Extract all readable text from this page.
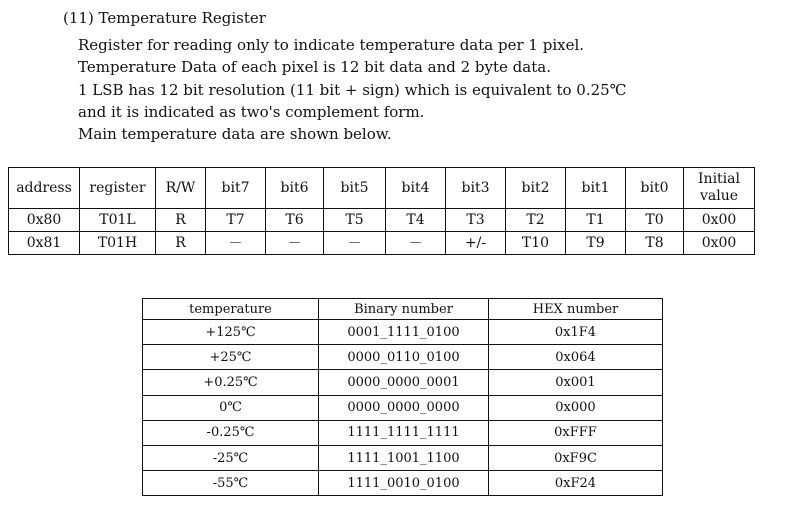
(11) Temperature Register
Register for reading only to indicate temperature data per 1 pixel.
Temperature Data of each pixel is 12 bit data and 2 byte data.
1 LSB has 12 bit resolution (11 bit + sign) which is equivalent to 0.25℃
and it is indicated as two's complement form.
Main temperature data are shown below.
address	register	R/W	bit7	bit6	bit5	bit4	bit3	bit2	bit1	bit0	Initial value
0x80	T01L	R	T7	T6	T5	T4	T3	T2	T1	T0	0x00
0x81	T01H	R	－	－	－	－	+/-	T10	T9	T8	0x00
temperature	Binary number	HEX number
+125℃	0001_1111_0100	0x1F4
+25℃	0000_0110_0100	0x064
+0.25℃	0000_0000_0001	0x001
0℃	0000_0000_0000	0x000
-0.25℃	1111_1111_1111	0xFFF
-25℃	1111_1001_1100	0xF9C
-55℃	1111_0010_0100	0xF24
